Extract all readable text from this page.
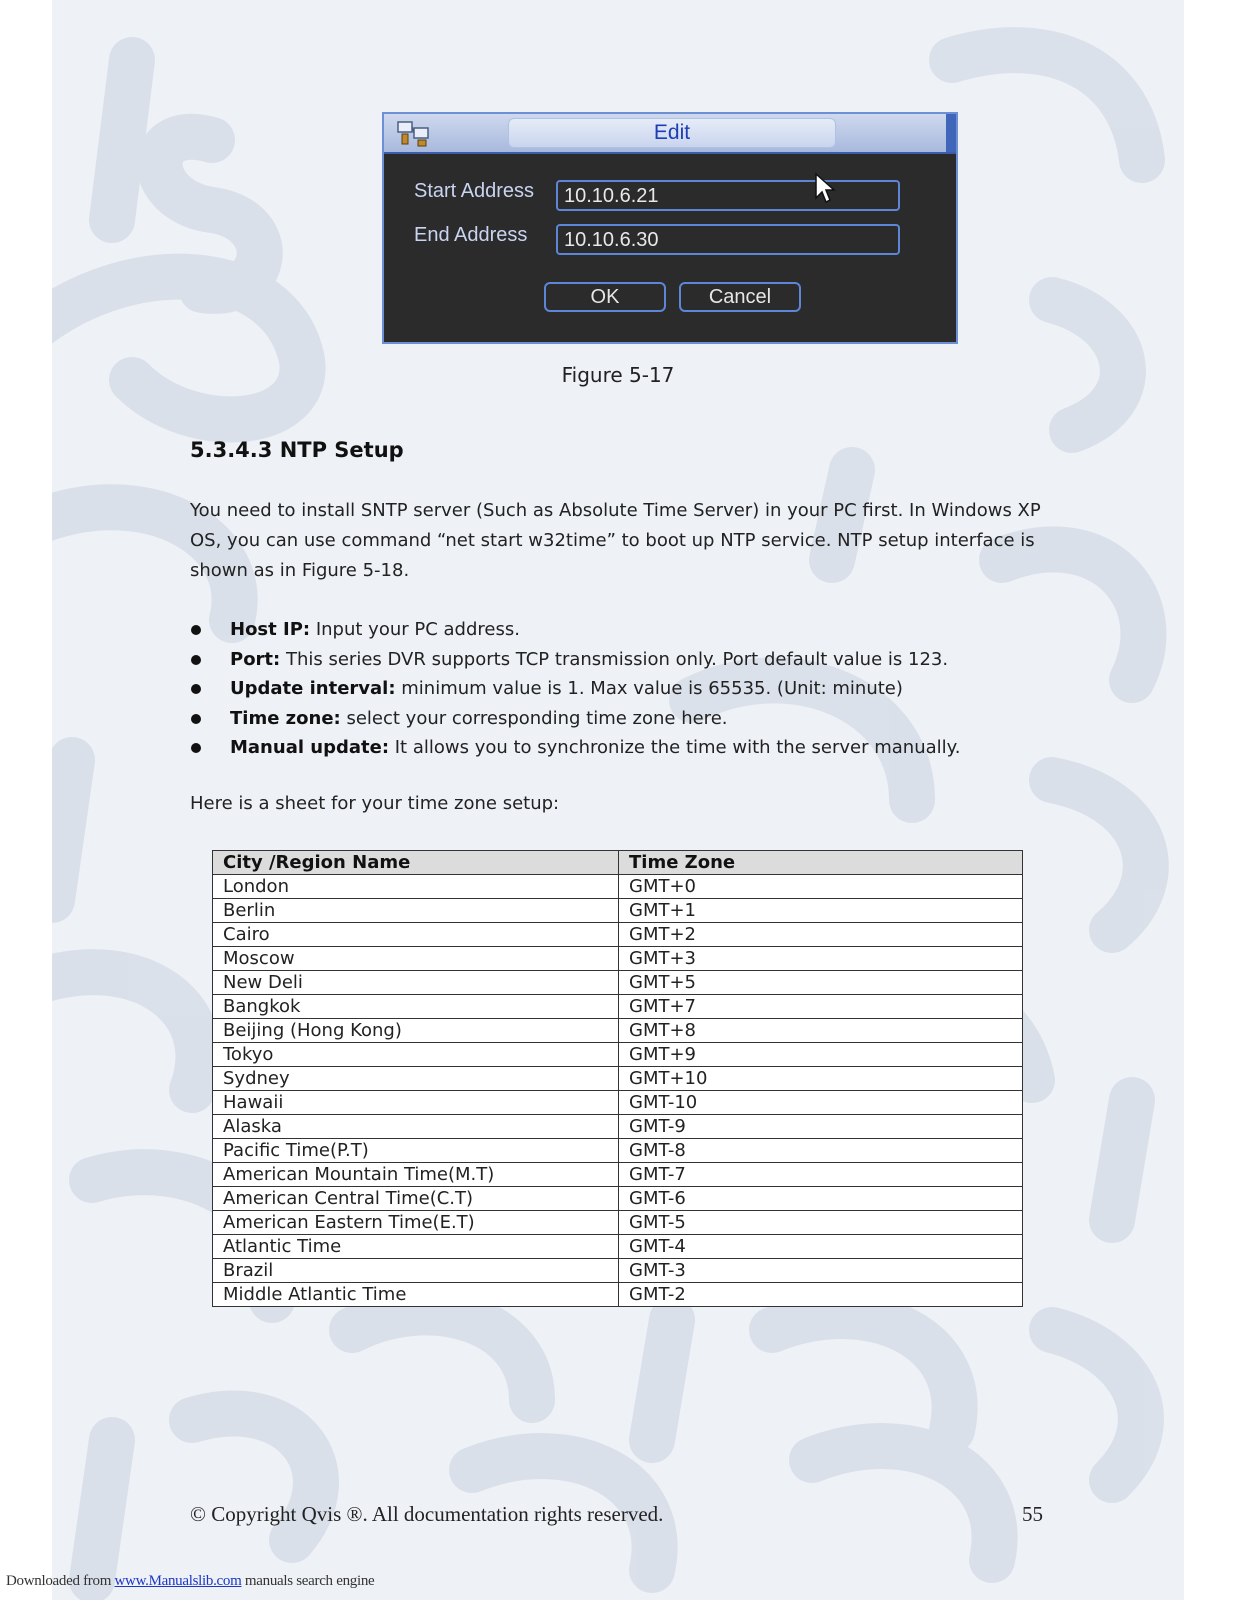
Edit
Start Address	10.10.6.21
End Address	10.10.6.30
OK	Cancel
Figure 5-17
5.3.4.3 NTP Setup
You need to install SNTP server (Such as Absolute Time Server) in your PC first. In Windows XP OS, you can use command “net start w32time” to boot up NTP service. NTP setup interface is shown as in Figure 5-18.
Host IP: Input your PC address.
Port: This series DVR supports TCP transmission only. Port default value is 123.
Update interval: minimum value is 1. Max value is 65535. (Unit: minute)
Time zone: select your corresponding time zone here.
Manual update: It allows you to synchronize the time with the server manually.
Here is a sheet for your time zone setup:
City /Region Name	Time Zone
London	GMT+0
Berlin	GMT+1
Cairo	GMT+2
Moscow	GMT+3
New Deli	GMT+5
Bangkok	GMT+7
Beijing (Hong Kong)	GMT+8
Tokyo	GMT+9
Sydney	GMT+10
Hawaii	GMT-10
Alaska	GMT-9
Pacific Time(P.T)	GMT-8
American Mountain Time(M.T)	GMT-7
American Central Time(C.T)	GMT-6
American Eastern Time(E.T)	GMT-5
Atlantic Time	GMT-4
Brazil	GMT-3
Middle Atlantic Time	GMT-2
© Copyright Qvis ®. All documentation rights reserved.	55
Downloaded from www.Manualslib.com manuals search engine
